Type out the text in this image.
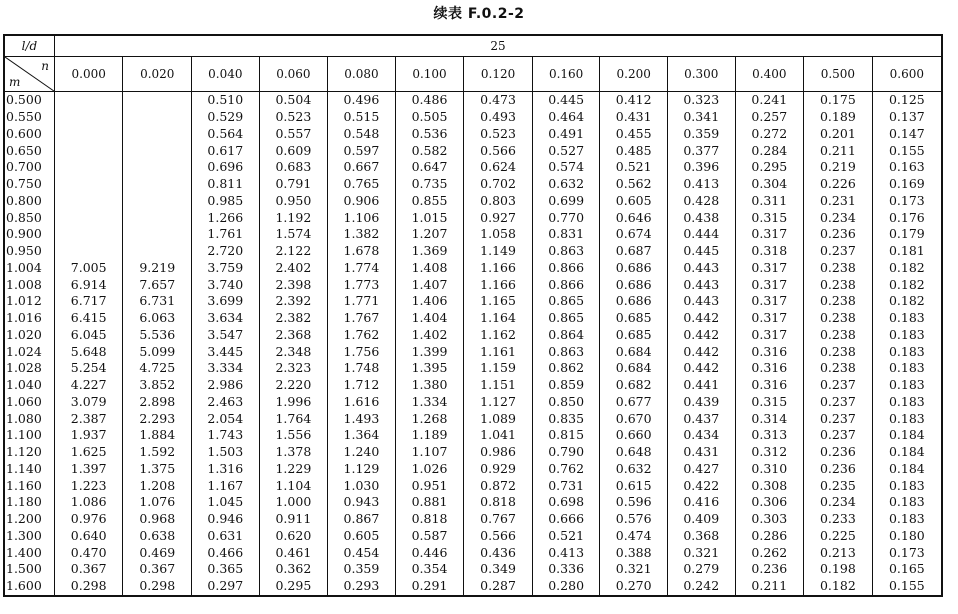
续表 F.0.2-2
l/d	25												

n
m	0.000	0.020	0.040	0.060	0.080	0.100	0.120	0.160	0.200	0.300	0.400	0.500	0.600
0.500			0.510	0.504	0.496	0.486	0.473	0.445	0.412	0.323	0.241	0.175	0.125
0.550			0.529	0.523	0.515	0.505	0.493	0.464	0.431	0.341	0.257	0.189	0.137
0.600			0.564	0.557	0.548	0.536	0.523	0.491	0.455	0.359	0.272	0.201	0.147
0.650			0.617	0.609	0.597	0.582	0.566	0.527	0.485	0.377	0.284	0.211	0.155
0.700			0.696	0.683	0.667	0.647	0.624	0.574	0.521	0.396	0.295	0.219	0.163
0.750			0.811	0.791	0.765	0.735	0.702	0.632	0.562	0.413	0.304	0.226	0.169
0.800			0.985	0.950	0.906	0.855	0.803	0.699	0.605	0.428	0.311	0.231	0.173
0.850			1.266	1.192	1.106	1.015	0.927	0.770	0.646	0.438	0.315	0.234	0.176
0.900			1.761	1.574	1.382	1.207	1.058	0.831	0.674	0.444	0.317	0.236	0.179
0.950			2.720	2.122	1.678	1.369	1.149	0.863	0.687	0.445	0.318	0.237	0.181
1.004	7.005	9.219	3.759	2.402	1.774	1.408	1.166	0.866	0.686	0.443	0.317	0.238	0.182
1.008	6.914	7.657	3.740	2.398	1.773	1.407	1.166	0.866	0.686	0.443	0.317	0.238	0.182
1.012	6.717	6.731	3.699	2.392	1.771	1.406	1.165	0.865	0.686	0.443	0.317	0.238	0.182
1.016	6.415	6.063	3.634	2.382	1.767	1.404	1.164	0.865	0.685	0.442	0.317	0.238	0.183
1.020	6.045	5.536	3.547	2.368	1.762	1.402	1.162	0.864	0.685	0.442	0.317	0.238	0.183
1.024	5.648	5.099	3.445	2.348	1.756	1.399	1.161	0.863	0.684	0.442	0.316	0.238	0.183
1.028	5.254	4.725	3.334	2.323	1.748	1.395	1.159	0.862	0.684	0.442	0.316	0.238	0.183
1.040	4.227	3.852	2.986	2.220	1.712	1.380	1.151	0.859	0.682	0.441	0.316	0.237	0.183
1.060	3.079	2.898	2.463	1.996	1.616	1.334	1.127	0.850	0.677	0.439	0.315	0.237	0.183
1.080	2.387	2.293	2.054	1.764	1.493	1.268	1.089	0.835	0.670	0.437	0.314	0.237	0.183
1.100	1.937	1.884	1.743	1.556	1.364	1.189	1.041	0.815	0.660	0.434	0.313	0.237	0.184
1.120	1.625	1.592	1.503	1.378	1.240	1.107	0.986	0.790	0.648	0.431	0.312	0.236	0.184
1.140	1.397	1.375	1.316	1.229	1.129	1.026	0.929	0.762	0.632	0.427	0.310	0.236	0.184
1.160	1.223	1.208	1.167	1.104	1.030	0.951	0.872	0.731	0.615	0.422	0.308	0.235	0.183
1.180	1.086	1.076	1.045	1.000	0.943	0.881	0.818	0.698	0.596	0.416	0.306	0.234	0.183
1.200	0.976	0.968	0.946	0.911	0.867	0.818	0.767	0.666	0.576	0.409	0.303	0.233	0.183
1.300	0.640	0.638	0.631	0.620	0.605	0.587	0.566	0.521	0.474	0.368	0.286	0.225	0.180
1.400	0.470	0.469	0.466	0.461	0.454	0.446	0.436	0.413	0.388	0.321	0.262	0.213	0.173
1.500	0.367	0.367	0.365	0.362	0.359	0.354	0.349	0.336	0.321	0.279	0.236	0.198	0.165
1.600	0.298	0.298	0.297	0.295	0.293	0.291	0.287	0.280	0.270	0.242	0.211	0.182	0.155
